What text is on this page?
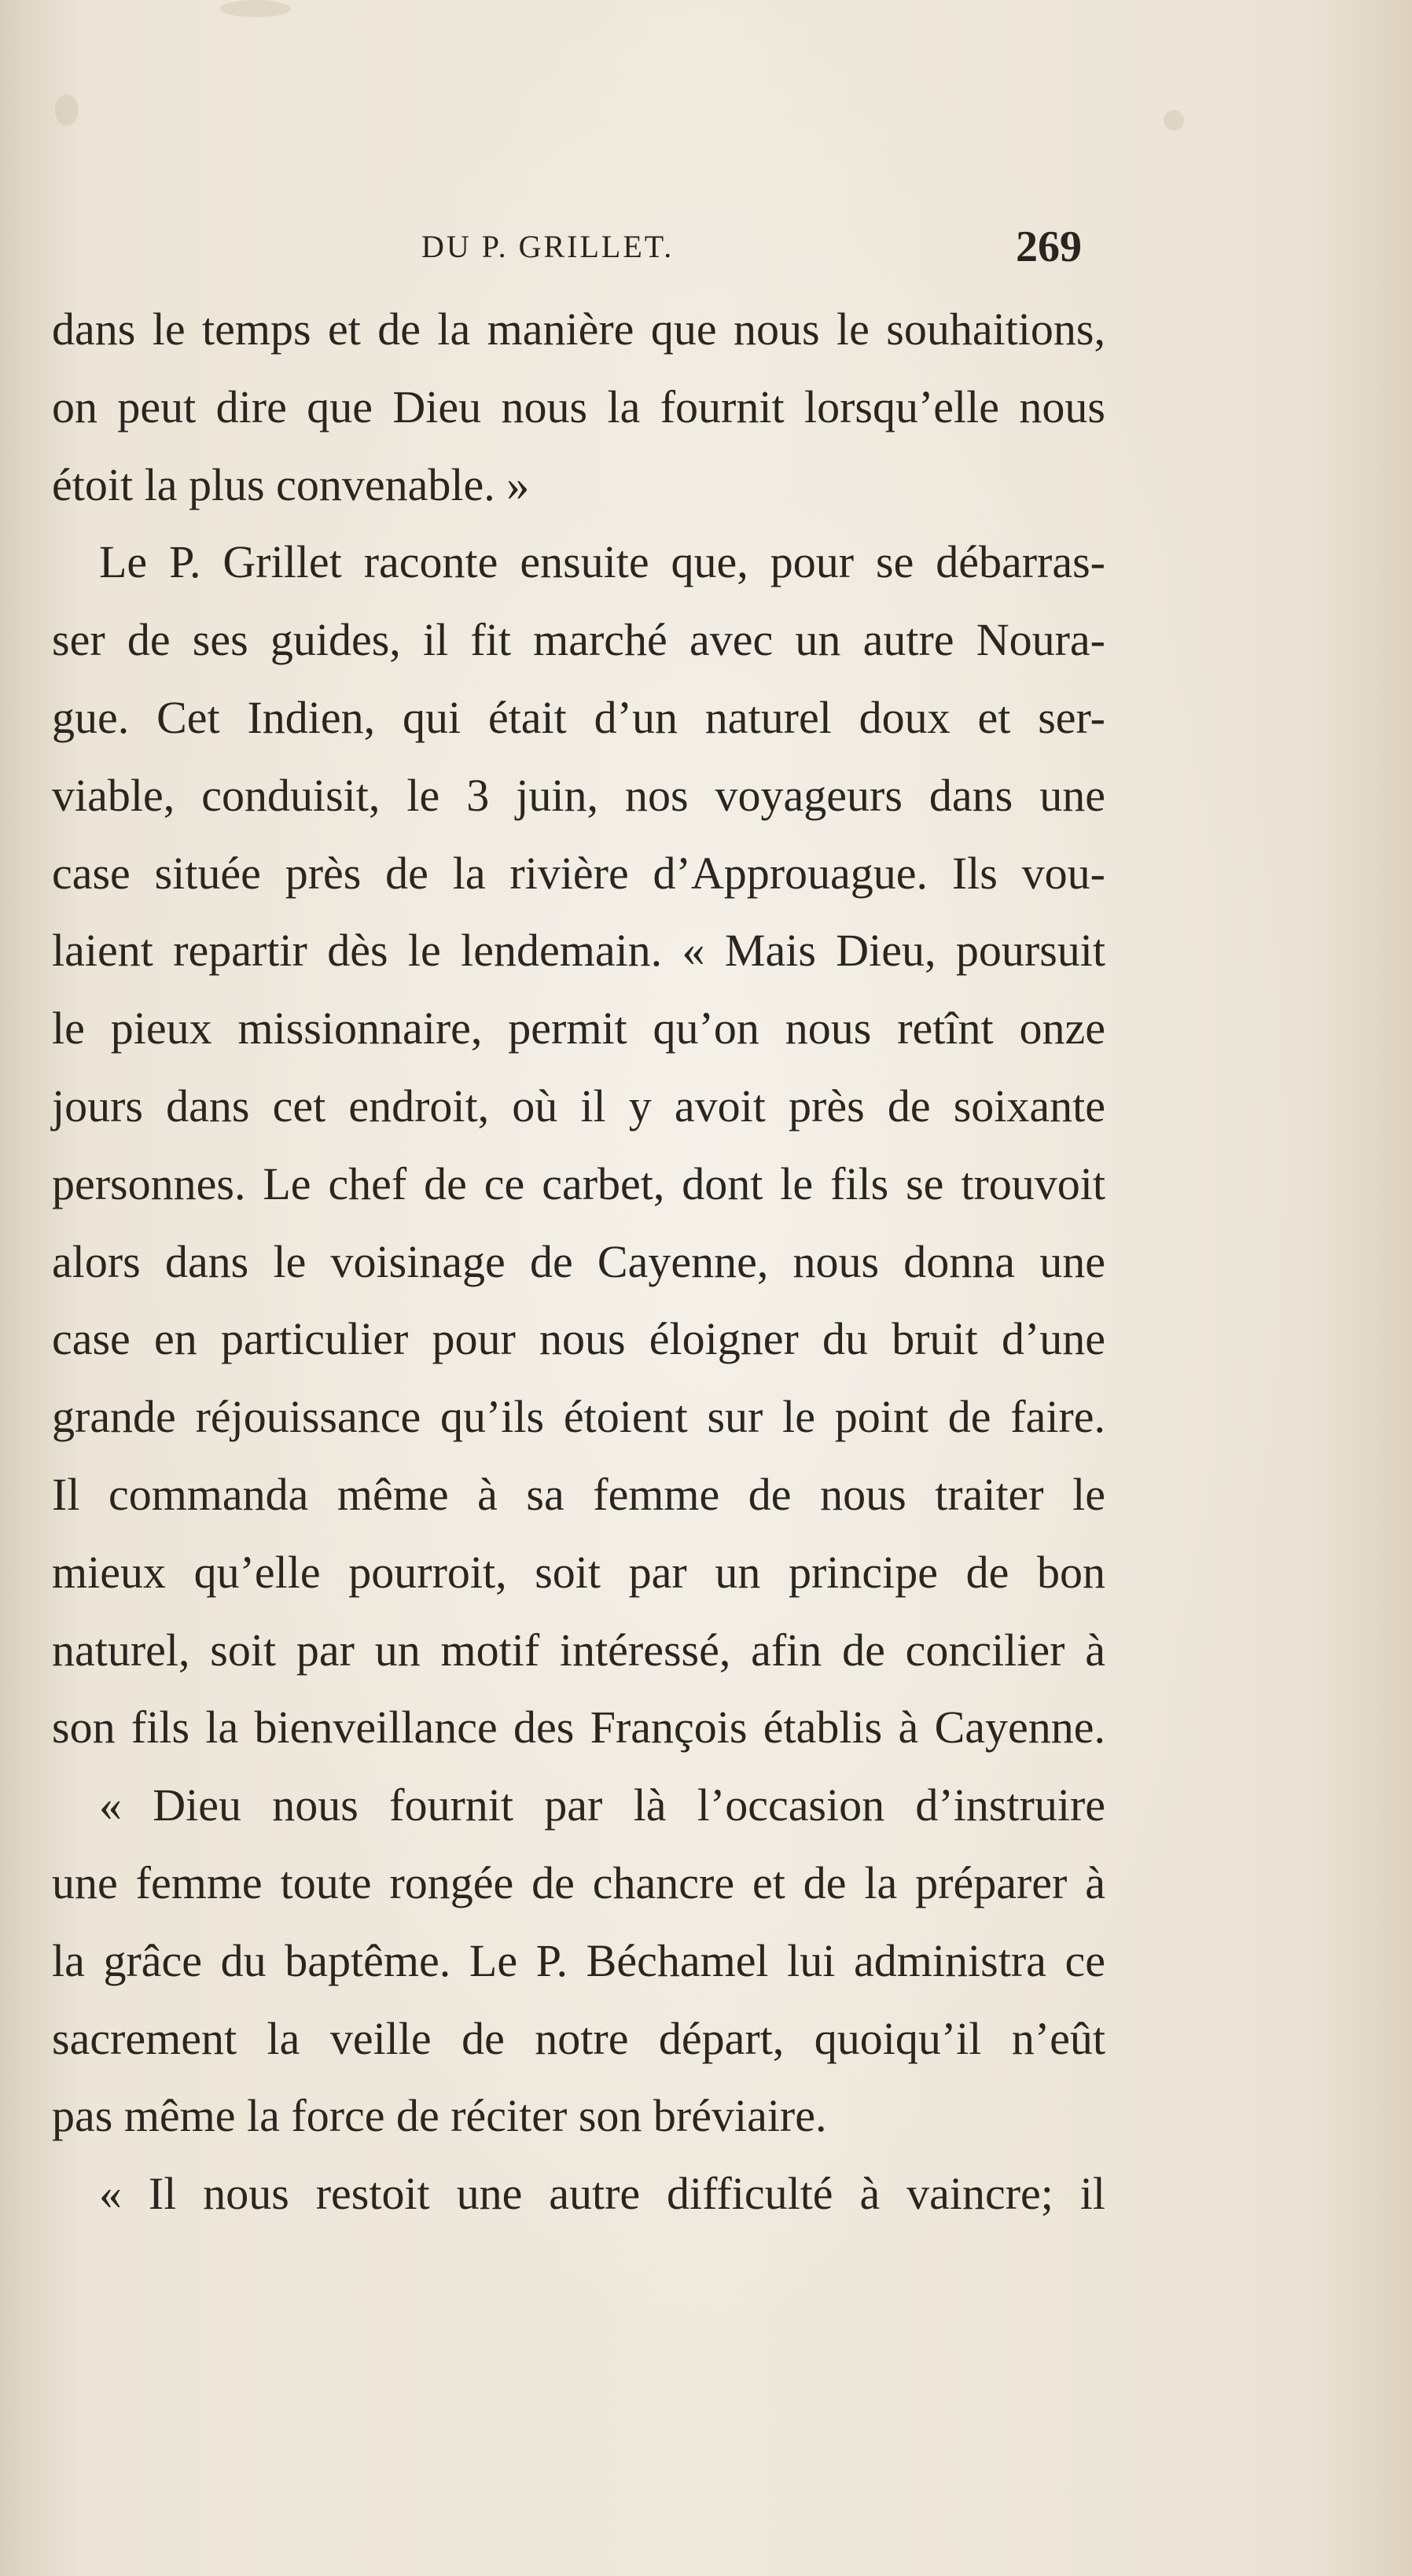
DU P. GRILLET.	269
dans le temps et de la manière que nous le souhaitions,
on peut dire que Dieu nous la fournit lorsqu’elle nous
étoit la plus convenable. »
Le P. Grillet raconte ensuite que, pour se débarras-
ser de ses guides, il fit marché avec un autre Noura-
gue. Cet Indien, qui était d’un naturel doux et ser-
viable, conduisit, le 3 juin, nos voyageurs dans une
case située près de la rivière d’Approuague. Ils vou-
laient repartir dès le lendemain. « Mais Dieu, poursuit
le pieux missionnaire, permit qu’on nous retînt onze
jours dans cet endroit, où il y avoit près de soixante
personnes. Le chef de ce carbet, dont le fils se trouvoit
alors dans le voisinage de Cayenne, nous donna une
case en particulier pour nous éloigner du bruit d’une
grande réjouissance qu’ils étoient sur le point de faire.
Il commanda même à sa femme de nous traiter le
mieux qu’elle pourroit, soit par un principe de bon
naturel, soit par un motif intéressé, afin de concilier à
son fils la bienveillance des François établis à Cayenne.
« Dieu nous fournit par là l’occasion d’instruire
une femme toute rongée de chancre et de la préparer à
la grâce du baptême. Le P. Béchamel lui administra ce
sacrement la veille de notre départ, quoiqu’il n’eût
pas même la force de réciter son bréviaire.
« Il nous restoit une autre difficulté à vaincre; il
